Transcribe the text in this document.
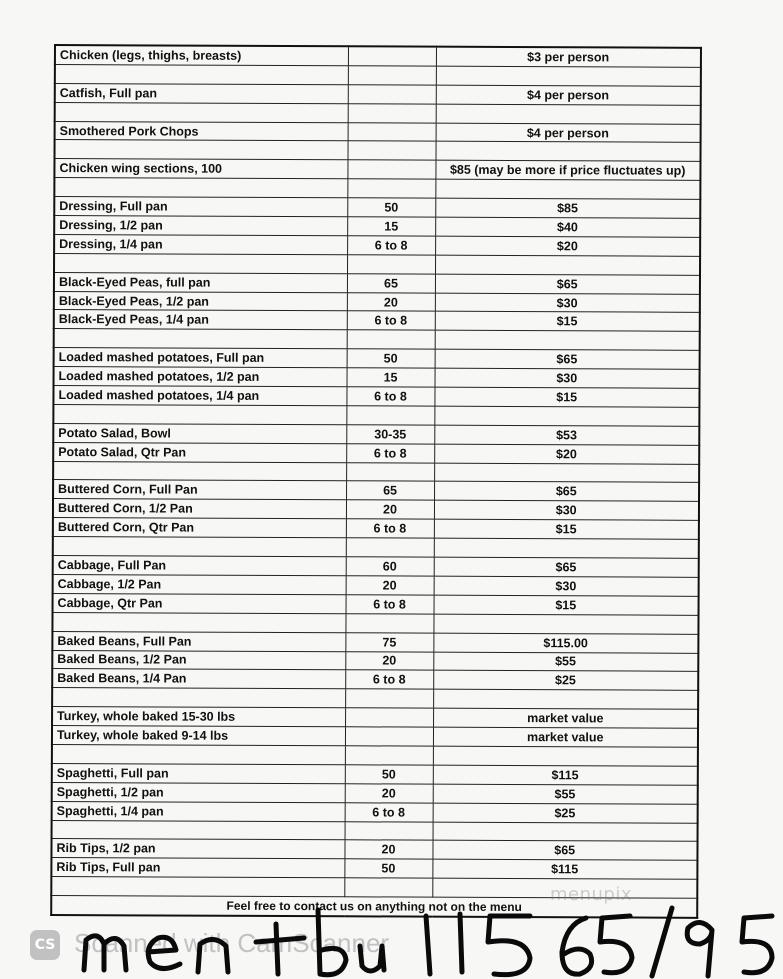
Chicken (legs, thighs, breasts)		$3 per person

Catfish, Full pan		$4 per person

Smothered Pork Chops		$4 per person

Chicken wing sections, 100		$85 (may be more if price fluctuates up)

Dressing, Full pan	50	$85
Dressing, 1/2 pan	15	$40
Dressing, 1/4 pan	6 to 8	$20

Black-Eyed Peas, full pan	65	$65
Black-Eyed Peas, 1/2 pan	20	$30
Black-Eyed Peas, 1/4 pan	6 to 8	$15

Loaded mashed potatoes, Full pan	50	$65
Loaded mashed potatoes, 1/2 pan	15	$30
Loaded mashed potatoes, 1/4 pan	6 to 8	$15

Potato Salad, Bowl	30-35	$53
Potato Salad, Qtr Pan	6 to 8	$20

Buttered Corn, Full Pan	65	$65
Buttered Corn, 1/2 Pan	20	$30
Buttered Corn, Qtr Pan	6 to 8	$15

Cabbage, Full Pan	60	$65
Cabbage, 1/2 Pan	20	$30
Cabbage, Qtr Pan	6 to 8	$15

Baked Beans, Full Pan	75	$115.00
Baked Beans, 1/2 Pan	20	$55
Baked Beans, 1/4 Pan	6 to 8	$25

Turkey, whole baked 15-30 lbs		market value
Turkey, whole baked 9-14 lbs		market value

Spaghetti, Full pan	50	$115
Spaghetti, 1/2 pan	20	$55
Spaghetti, 1/4 pan	6 to 8	$25

Rib Tips, 1/2 pan	20	$65
Rib Tips, Full pan	50	$115

Feel free to contact us on anything not on the menu		
menupix
CS Scanned with CamScanner
menu 11565195
